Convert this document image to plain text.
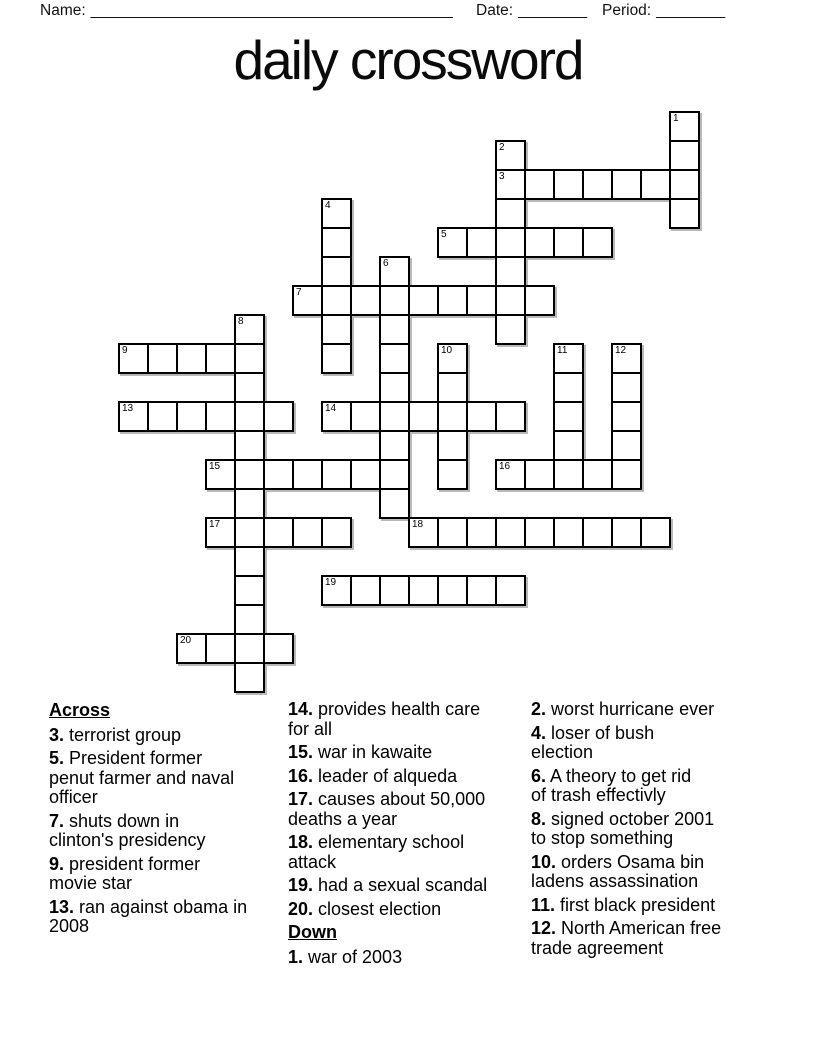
Name: __________________________________________ Date: ________ Period: ________
daily crossword
1
2
3
4
5
6
7
8
9	10	11	12
13	14
15	16
17	18
19
20
Across

3. terrorist group

5. President former
penut farmer and naval
officer

7. shuts down in
clinton's presidency

9. president former
movie star

13. ran against obama in
2008

14. provides health care
for all

15. war in kawaite

16. leader of alqueda

17. causes about 50,000
deaths a year

18. elementary school
attack

19. had a sexual scandal

20. closest election

Down

1. war of 2003

2. worst hurricane ever

4. loser of bush
election

6. A theory to get rid
of trash effectivly

8. signed october 2001
to stop something

10. orders Osama bin
ladens assassination

11. first black president

12. North American free
trade agreement
